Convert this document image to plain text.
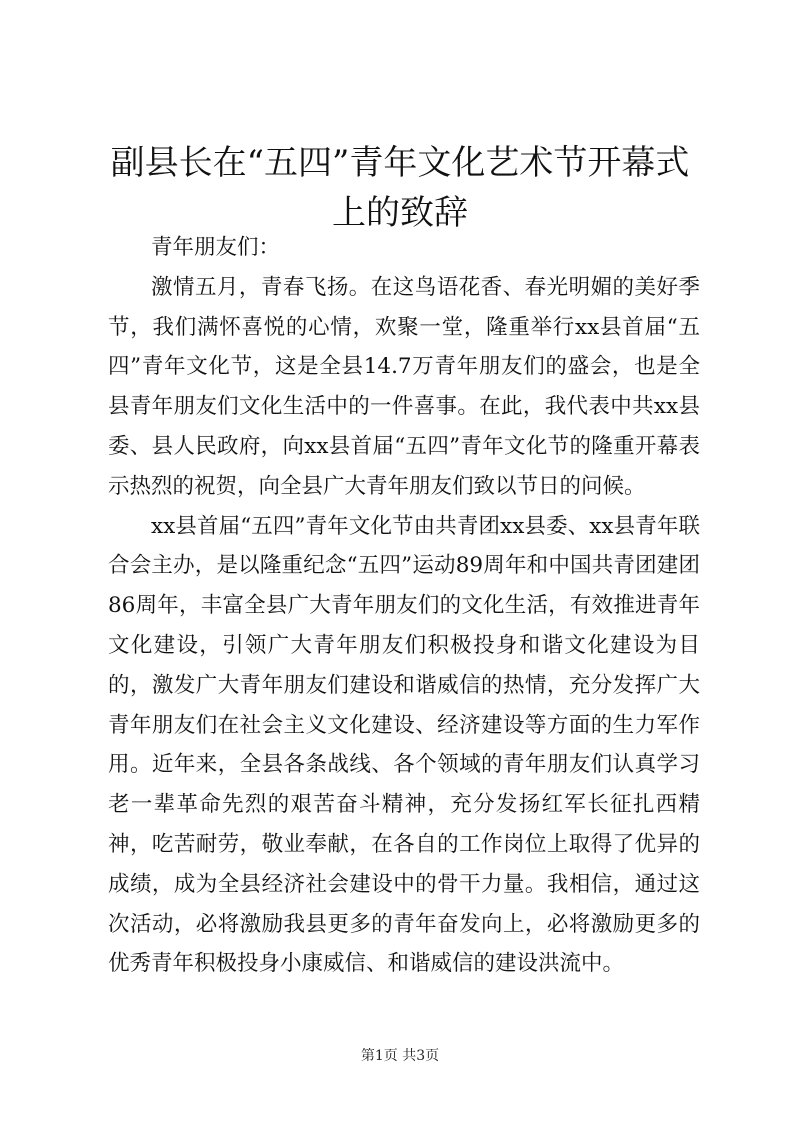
副县长在“五四”青年文化艺术节开幕式上的致辞

青年朋友们：

激情五月，青春飞扬。在这鸟语花香、春光明媚的美好季节，我们满怀喜悦的心情，欢聚一堂，隆重举行xx县首届“五四”青年文化节，这是全县14.7万青年朋友们的盛会，也是全县青年朋友们文化生活中的一件喜事。在此，我代表中共xx县委、县人民政府，向xx县首届“五四”青年文化节的隆重开幕表示热烈的祝贺，向全县广大青年朋友们致以节日的问候。

xx县首届“五四”青年文化节由共青团xx县委、xx县青年联合会主办，是以隆重纪念“五四”运动89周年和中国共青团建团86周年，丰富全县广大青年朋友们的文化生活，有效推进青年文化建设，引领广大青年朋友们积极投身和谐文化建设为目的，激发广大青年朋友们建设和谐威信的热情，充分发挥广大青年朋友们在社会主义文化建设、经济建设等方面的生力军作用。近年来，全县各条战线、各个领域的青年朋友们认真学习老一辈革命先烈的艰苦奋斗精神，充分发扬红军长征扎西精神，吃苦耐劳，敬业奉献，在各自的工作岗位上取得了优异的成绩，成为全县经济社会建设中的骨干力量。我相信，通过这次活动，必将激励我县更多的青年奋发向上，必将激励更多的优秀青年积极投身小康威信、和谐威信的建设洪流中。

第1页 共3页
